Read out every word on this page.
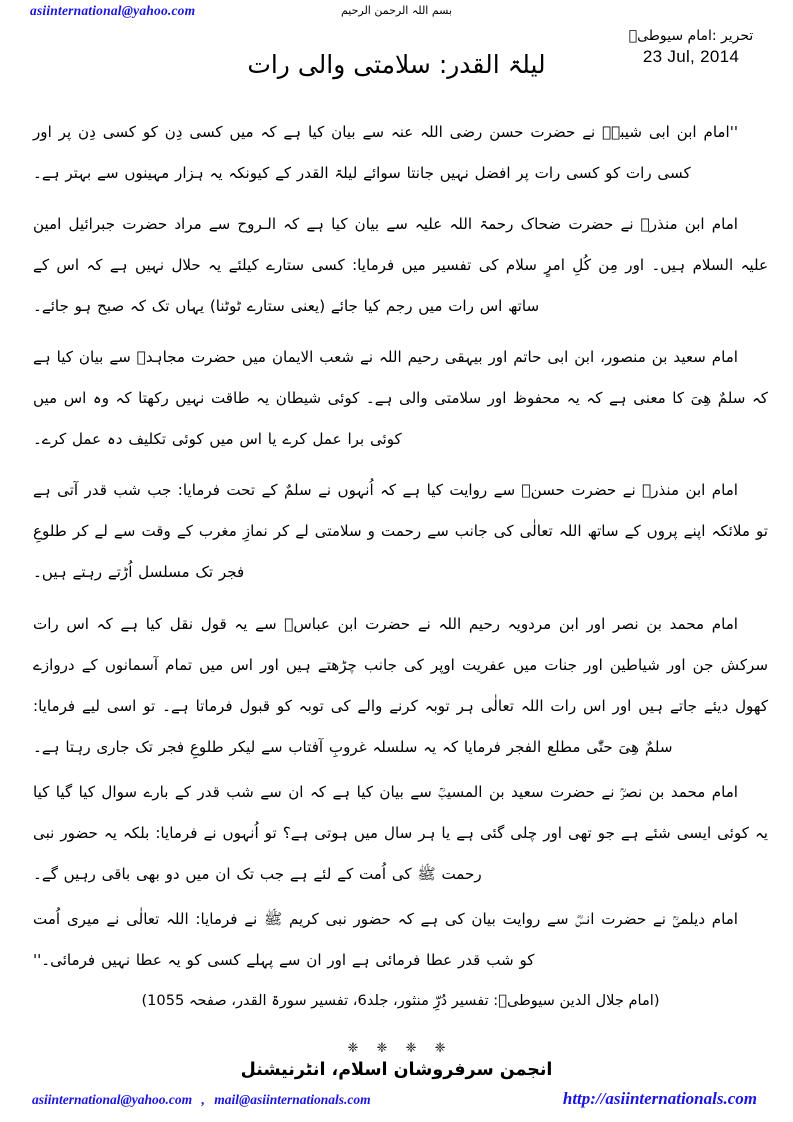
asiinternational@yahoo.com	بسم اللہ الرحمن الرحیم
تحریر :امام سیوطیؒ
23 Jul, 2014
لیلۃ القدر: سلامتی والی رات

''امام ابن ابی شیبہؒ نے حضرت حسن رضی اللہ عنہ سے بیان کیا ہے کہ میں کسی دِن کو کسی دِن پر اور کسی رات کو کسی رات پر افضل نہیں جانتا سوائے لیلۃ القدر کے کیونکہ یہ ہزار مہینوں سے بہتر ہے۔

امام ابن منذرؒ نے حضرت ضحاک رحمۃ اللہ علیہ سے بیان کیا ہے کہ الـروح سے مراد حضرت جبرائیل امین علیہ السلام ہیں۔ اور مِن کُلِ امرٍ سلام کی تفسیر میں فرمایا: کسی ستارے کیلئے یہ حلال نہیں ہے کہ اس کے ساتھ اس رات میں رجم کیا جائے (یعنی ستارے ٹوٹنا) یہاں تک کہ صبح ہو جائے۔

امام سعید بن منصور، ابن ابی حاتم اور بیہقی رحیم اللہ نے شعب الایمان میں حضرت مجاہدؒ سے بیان کیا ہے کہ سلمٌ ھِیَ کا معنی ہے کہ یہ محفوظ اور سلامتی والی ہے۔ کوئی شیطان یہ طاقت نہیں رکھتا کہ وہ اس میں کوئی برا عمل کرے یا اس میں کوئی تکلیف دہ عمل کرے۔

امام ابن منذرؒ نے حضرت حسنؓ سے روایت کیا ہے کہ اُنہوں نے سلمٌ کے تحت فرمایا: جب شب قدر آتی ہے تو ملائکہ اپنے پروں کے ساتھ اللہ تعالٰی کی جانب سے رحمت و سلامتی لے کر نمازِ مغرب کے وقت سے لے کر طلوعِ فجر تک مسلسل اُڑتے رہتے ہیں۔

امام محمد بن نصر اور ابن مردویہ رحیم اللہ نے حضرت ابن عباسؓ سے یہ قول نقل کیا ہے کہ اس رات سرکش جن اور شیاطین اور جنات میں عفریت اوپر کی جانب چڑھتے ہیں اور اس میں تمام آسمانوں کے دروازے کھول دیئے جاتے ہیں اور اس رات اللہ تعالٰی ہر توبہ کرنے والے کی توبہ کو قبول فرماتا ہے۔ تو اسی لیے فرمایا: سلمٌ ھِیَ حتّٰی مطلع الفجر فرمایا کہ یہ سلسلہ غروبِ آفتاب سے لیکر طلوعِ فجر تک جاری رہتا ہے۔

امام محمد بن نصرؒ نے حضرت سعید بن المسیبؒ سے بیان کیا ہے کہ ان سے شب قدر کے بارے سوال کیا گیا کیا یہ کوئی ایسی شئے ہے جو تھی اور چلی گئی ہے یا ہر سال میں ہوتی ہے؟ تو اُنہوں نے فرمایا: بلکہ یہ حضور نبی رحمت ﷺ کی اُمت کے لئے ہے جب تک ان میں دو بھی باقی رہیں گے۔

امام دیلمیؒ نے حضرت انسؓ سے روایت بیان کی ہے کہ حضور نبی کریم ﷺ نے فرمایا: اللہ تعالٰی نے میری اُمت کو شب قدر عطا فرمائی ہے اور ان سے پہلے کسی کو یہ عطا نہیں فرمائی۔''

(امام جلال الدین سیوطیؒ: تفسیر دُرِّ منثور، جلد6، تفسیر سورۃ القدر، صفحہ 1055)
❈ ❈ ❈ ❈
انجمن سرفروشان اسلام، انٹرنیشنل
asiinternational@yahoo.com , mail@asiinternationals.com	http://asiinternationals.com
